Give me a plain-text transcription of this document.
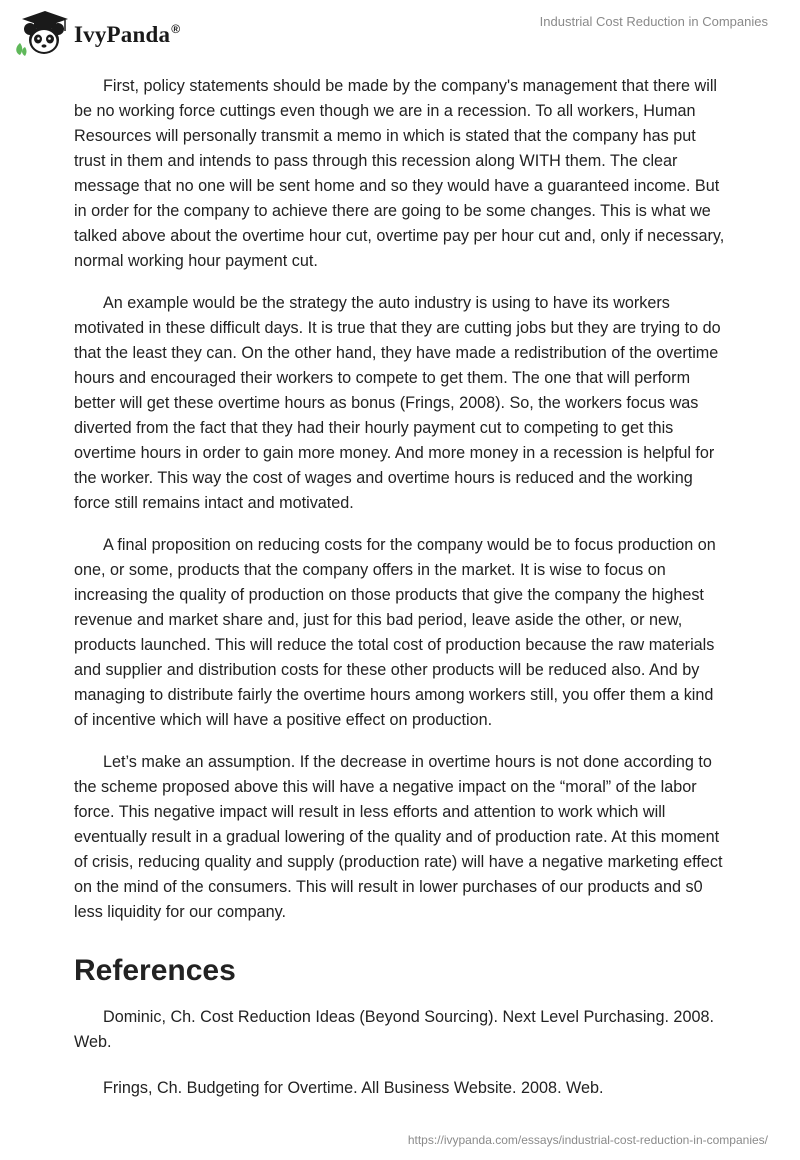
IvyPanda®
Industrial Cost Reduction in Companies

First, policy statements should be made by the company's management that there will be no working force cuttings even though we are in a recession. To all workers, Human Resources will personally transmit a memo in which is stated that the company has put trust in them and intends to pass through this recession along WITH them. The clear message that no one will be sent home and so they would have a guaranteed income. But in order for the company to achieve there are going to be some changes. This is what we talked above about the overtime hour cut, overtime pay per hour cut and, only if necessary, normal working hour payment cut.

An example would be the strategy the auto industry is using to have its workers motivated in these difficult days. It is true that they are cutting jobs but they are trying to do that the least they can. On the other hand, they have made a redistribution of the overtime hours and encouraged their workers to compete to get them. The one that will perform better will get these overtime hours as bonus (Frings, 2008). So, the workers focus was diverted from the fact that they had their hourly payment cut to competing to get this overtime hours in order to gain more money. And more money in a recession is helpful for the worker. This way the cost of wages and overtime hours is reduced and the working force still remains intact and motivated.

A final proposition on reducing costs for the company would be to focus production on one, or some, products that the company offers in the market. It is wise to focus on increasing the quality of production on those products that give the company the highest revenue and market share and, just for this bad period, leave aside the other, or new, products launched. This will reduce the total cost of production because the raw materials and supplier and distribution costs for these other products will be reduced also. And by managing to distribute fairly the overtime hours among workers still, you offer them a kind of incentive which will have a positive effect on production.

Let’s make an assumption. If the decrease in overtime hours is not done according to the scheme proposed above this will have a negative impact on the “moral” of the labor force. This negative impact will result in less efforts and attention to work which will eventually result in a gradual lowering of the quality and of production rate. At this moment of crisis, reducing quality and supply (production rate) will have a negative marketing effect on the mind of the consumers. This will result in lower purchases of our products and s0 less liquidity for our company.

References

Dominic, Ch. Cost Reduction Ideas (Beyond Sourcing). Next Level Purchasing. 2008. Web.

Frings, Ch. Budgeting for Overtime. All Business Website. 2008. Web.

https://ivypanda.com/essays/industrial-cost-reduction-in-companies/
